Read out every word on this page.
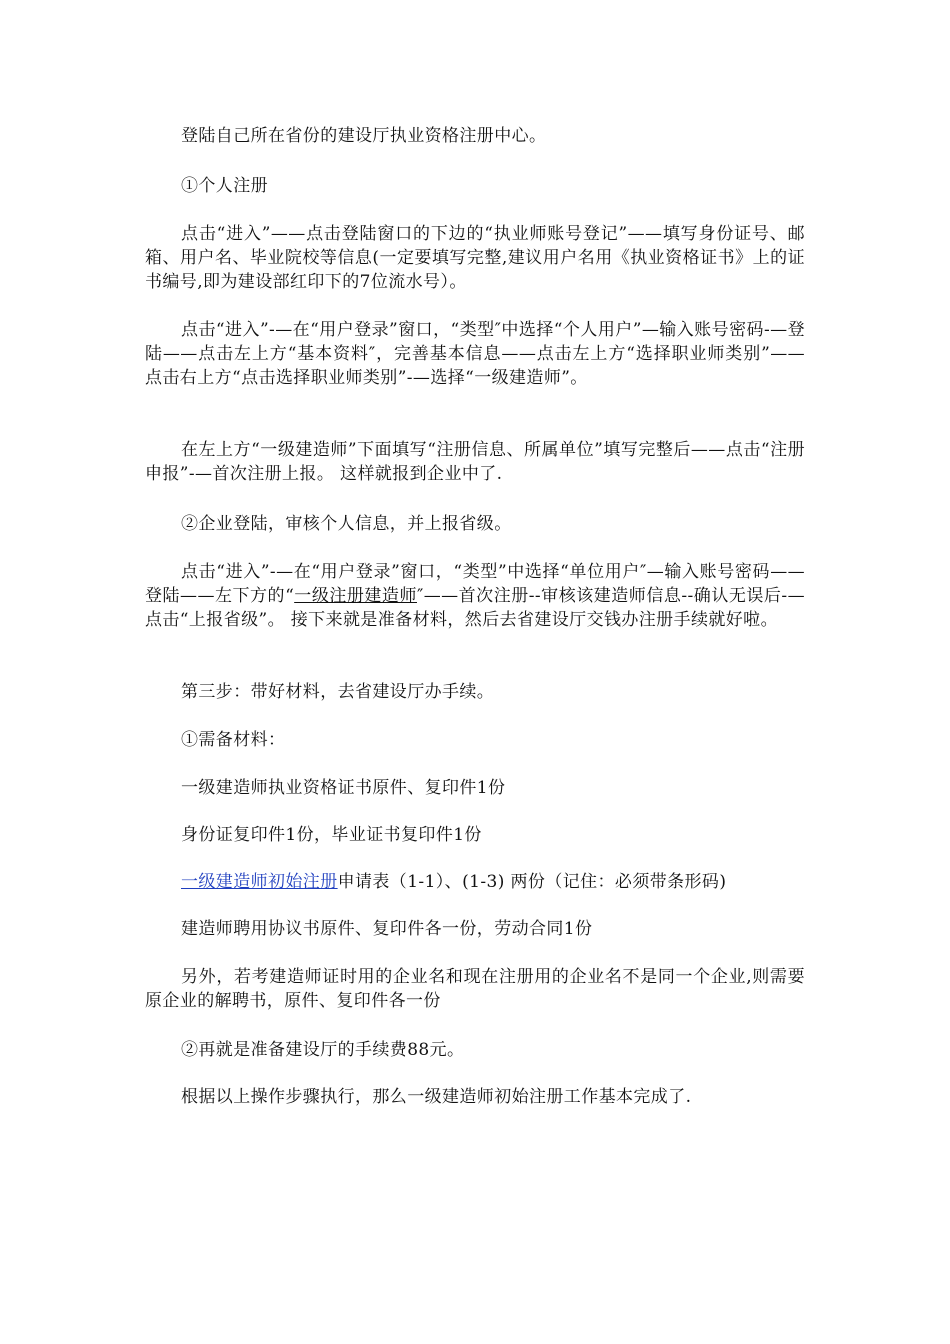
登陆自己所在省份的建设厅执业资格注册中心。

①个人注册

点击“进入”——点击登陆窗口的下边的“执业师账号登记”——填写身份证号、邮箱、用户名、毕业院校等信息(一定要填写完整,建议用户名用《执业资格证书》上的证书编号,即为建设部红印下的7位流水号）。

点击“进入”-—在“用户登录”窗口，“类型″中选择“个人用户”—输入账号密码-—登陆——点击左上方“基本资料″，完善基本信息——点击左上方“选择职业师类别”——点击右上方“点击选择职业师类别”-—选择“一级建造师”。

在左上方“一级建造师”下面填写“注册信息、所属单位”填写完整后——点击“注册申报”-—首次注册上报。 这样就报到企业中了.

②企业登陆，审核个人信息，并上报省级。

点击“进入”-—在“用户登录”窗口，“类型”中选择“单位用户″—输入账号密码——登陆——左下方的“一级注册建造师″——首次注册--审核该建造师信息--确认无误后-—点击“上报省级”。 接下来就是准备材料，然后去省建设厅交钱办注册手续就好啦。

第三步：带好材料，去省建设厅办手续。

①需备材料：

一级建造师执业资格证书原件、复印件1份

身份证复印件1份，毕业证书复印件1份

一级建造师初始注册申请表（1-1）、(1-3) 两份（记住：必须带条形码)

建造师聘用协议书原件、复印件各一份，劳动合同1份

另外，若考建造师证时用的企业名和现在注册用的企业名不是同一个企业,则需要原企业的解聘书，原件、复印件各一份

②再就是准备建设厅的手续费88元。

根据以上操作步骤执行，那么一级建造师初始注册工作基本完成了.
